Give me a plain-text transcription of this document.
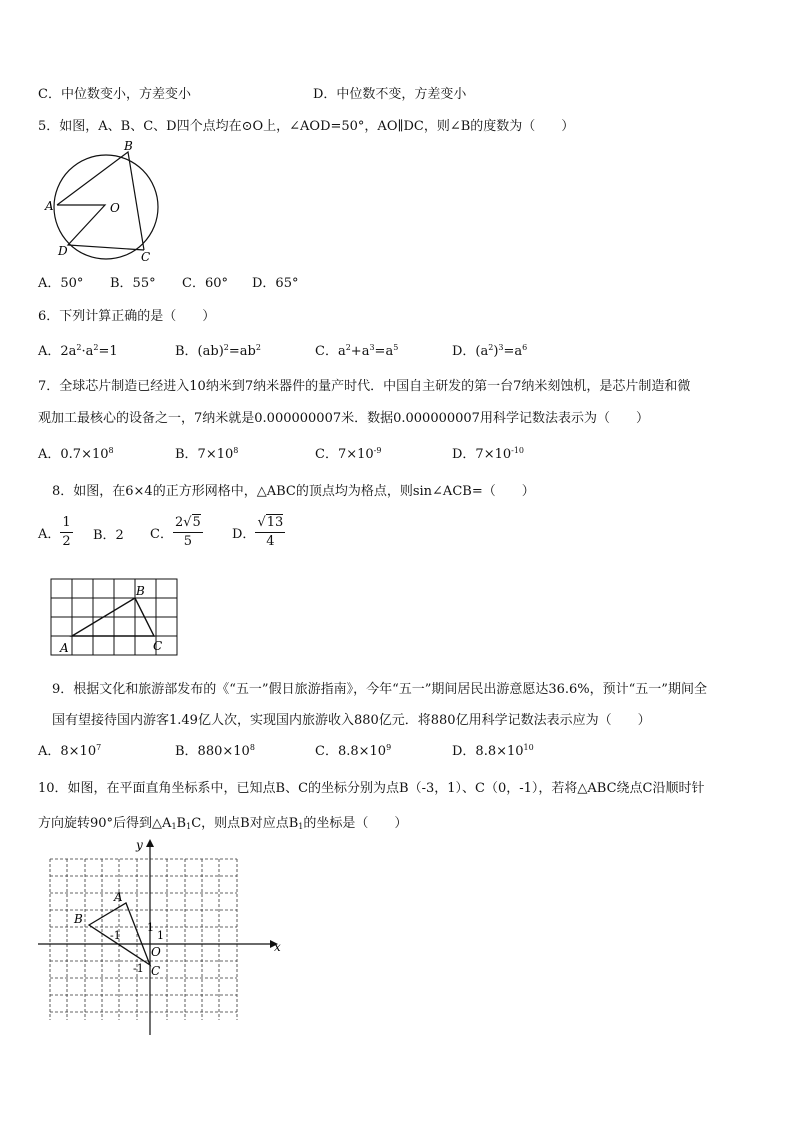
C．中位数变小，方差变小	D．中位数不变，方差变小
5．如图，A、B、C、D四个点均在⊙O上，∠AOD=50°，AO∥DC，则∠B的度数为（　　）
A
B
C
D
O
A．50° B．55° C．60° D．65°
6．下列计算正确的是（　　）
A．$2a^2\cdot a^2=1$	B．$(ab)^2=ab^2$	C．$a^2+a^3=a^5$	D．$(a^2)^3=a^6$
7．全球芯片制造已经进入10纳米到7纳米器件的量产时代．中国自主研发的第一台7纳米刻蚀机，是芯片制造和微
观加工最核心的设备之一，7纳米就是0.000000007米．数据0.000000007用科学记数法表示为（　　）
A．$0.7\times 10^8$	B．$7\times 10^8$	C．$7\times 10^{-9}$	D．$7\times 10^{-10}$
8．如图，在6×4的正方形网格中，△ABC的顶点均为格点，则sin∠ACB=（　　）
A． $\frac{1}{2}$ B．2 C． $\frac{2√5}{5}$ D． $\frac{√13}{4}$
A
B
C
9．根据文化和旅游部发布的《“五一”假日旅游指南》，今年“五一”期间居民出游意愿达36.6%，预计“五一”期间全
国有望接待国内游客1.49亿人次，实现国内旅游收入880亿元．将880亿用科学记数法表示应为（　　）
A．$8\times 10^7$	B．$880\times 10^8$	C．$8.8\times 10^9$	D．$8.8\times 10^{10}$
10．如图，在平面直角坐标系中，已知点B、C的坐标分别为点B（-3，1）、C（0，-1），若将△ABC绕点C沿顺时针
方向旋转90°后得到$\triangle A_1B_1C$，则点B对应点$B_1$的坐标是（　　）
x
y
A
B
C
O
1
1
-1
-1
